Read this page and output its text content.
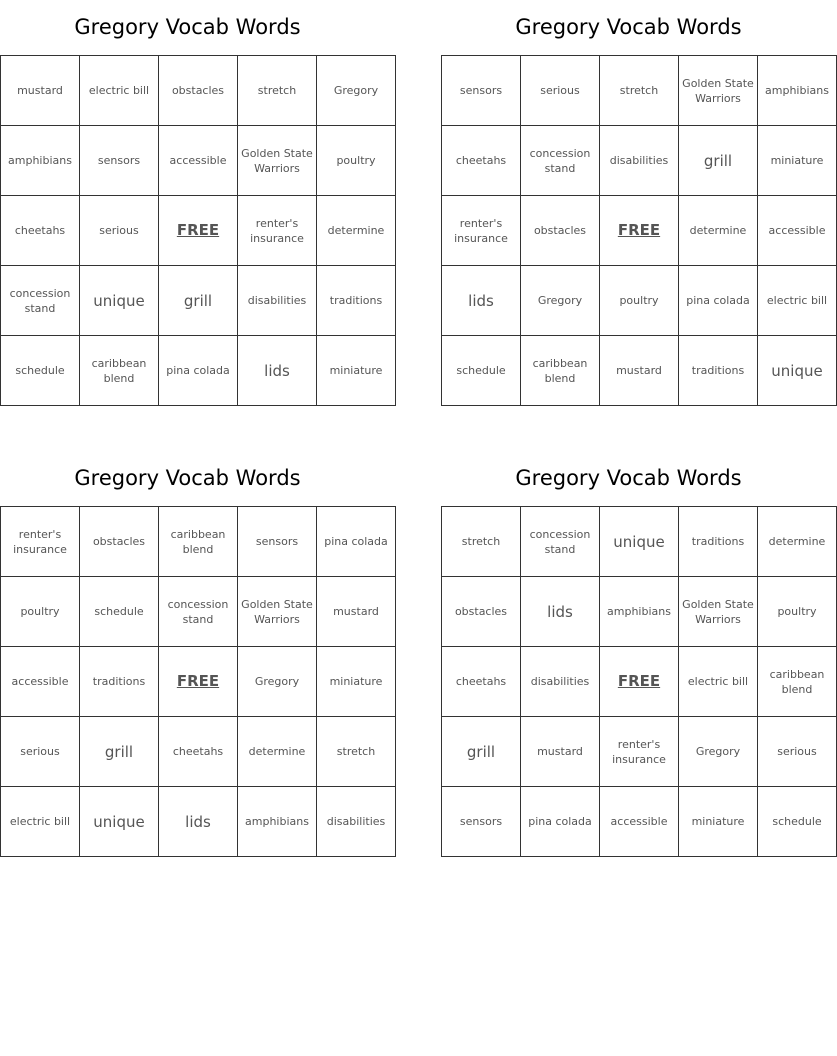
Gregory Vocab Words
mustard	electric bill	obstacles	stretch	Gregory
amphibians	sensors	accessible	Golden State Warriors	poultry
cheetahs	serious	FREE	renter's insurance	determine
concession stand	unique	grill	disabilities	traditions
schedule	caribbean blend	pina colada	lids	miniature
Gregory Vocab Words
sensors	serious	stretch	Golden State Warriors	amphibians
cheetahs	concession stand	disabilities	grill	miniature
renter's insurance	obstacles	FREE	determine	accessible
lids	Gregory	poultry	pina colada	electric bill
schedule	caribbean blend	mustard	traditions	unique
Gregory Vocab Words
renter's insurance	obstacles	caribbean blend	sensors	pina colada
poultry	schedule	concession stand	Golden State Warriors	mustard
accessible	traditions	FREE	Gregory	miniature
serious	grill	cheetahs	determine	stretch
electric bill	unique	lids	amphibians	disabilities
Gregory Vocab Words
stretch	concession stand	unique	traditions	determine
obstacles	lids	amphibians	Golden State Warriors	poultry
cheetahs	disabilities	FREE	electric bill	caribbean blend
grill	mustard	renter's insurance	Gregory	serious
sensors	pina colada	accessible	miniature	schedule
